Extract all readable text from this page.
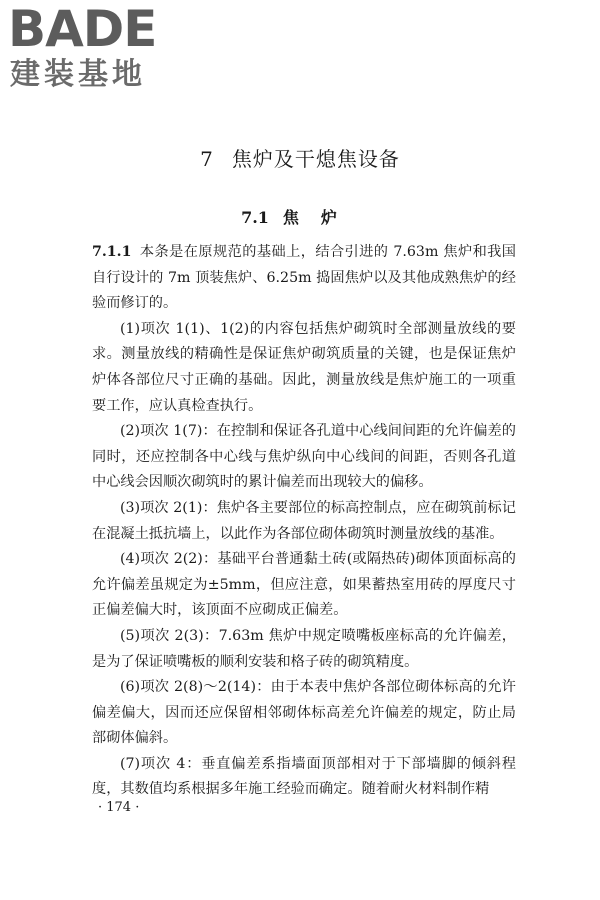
BADE
建装基地
7 焦炉及干熄焦设备
7.1 焦炉

7.1.1 本条是在原规范的基础上，结合引进的 7.63m 焦炉和我国自行设计的 7m 顶装焦炉、6.25m 捣固焦炉以及其他成熟焦炉的经验而修订的。

(1)项次 1(1)、1(2)的内容包括焦炉砌筑时全部测量放线的要求。测量放线的精确性是保证焦炉砌筑质量的关键，也是保证焦炉炉体各部位尺寸正确的基础。因此，测量放线是焦炉施工的一项重要工作，应认真检查执行。

(2)项次 1(7)：在控制和保证各孔道中心线间间距的允许偏差的同时，还应控制各中心线与焦炉纵向中心线间的间距，否则各孔道中心线会因顺次砌筑时的累计偏差而出现较大的偏移。

(3)项次 2(1)：焦炉各主要部位的标高控制点，应在砌筑前标记在混凝土抵抗墙上，以此作为各部位砌体砌筑时测量放线的基准。

(4)项次 2(2)：基础平台普通黏土砖(或隔热砖)砌体顶面标高的允许偏差虽规定为±5mm，但应注意，如果蓄热室用砖的厚度尺寸正偏差偏大时，该顶面不应砌成正偏差。

(5)项次 2(3)：7.63m 焦炉中规定喷嘴板座标高的允许偏差，是为了保证喷嘴板的顺利安装和格子砖的砌筑精度。

(6)项次 2(8)～2(14)：由于本表中焦炉各部位砌体标高的允许偏差偏大，因而还应保留相邻砌体标高差允许偏差的规定，防止局部砌体偏斜。

(7)项次 4：垂直偏差系指墙面顶部相对于下部墙脚的倾斜程度，其数值均系根据多年施工经验而确定。随着耐火材料制作精

· 174 ·
